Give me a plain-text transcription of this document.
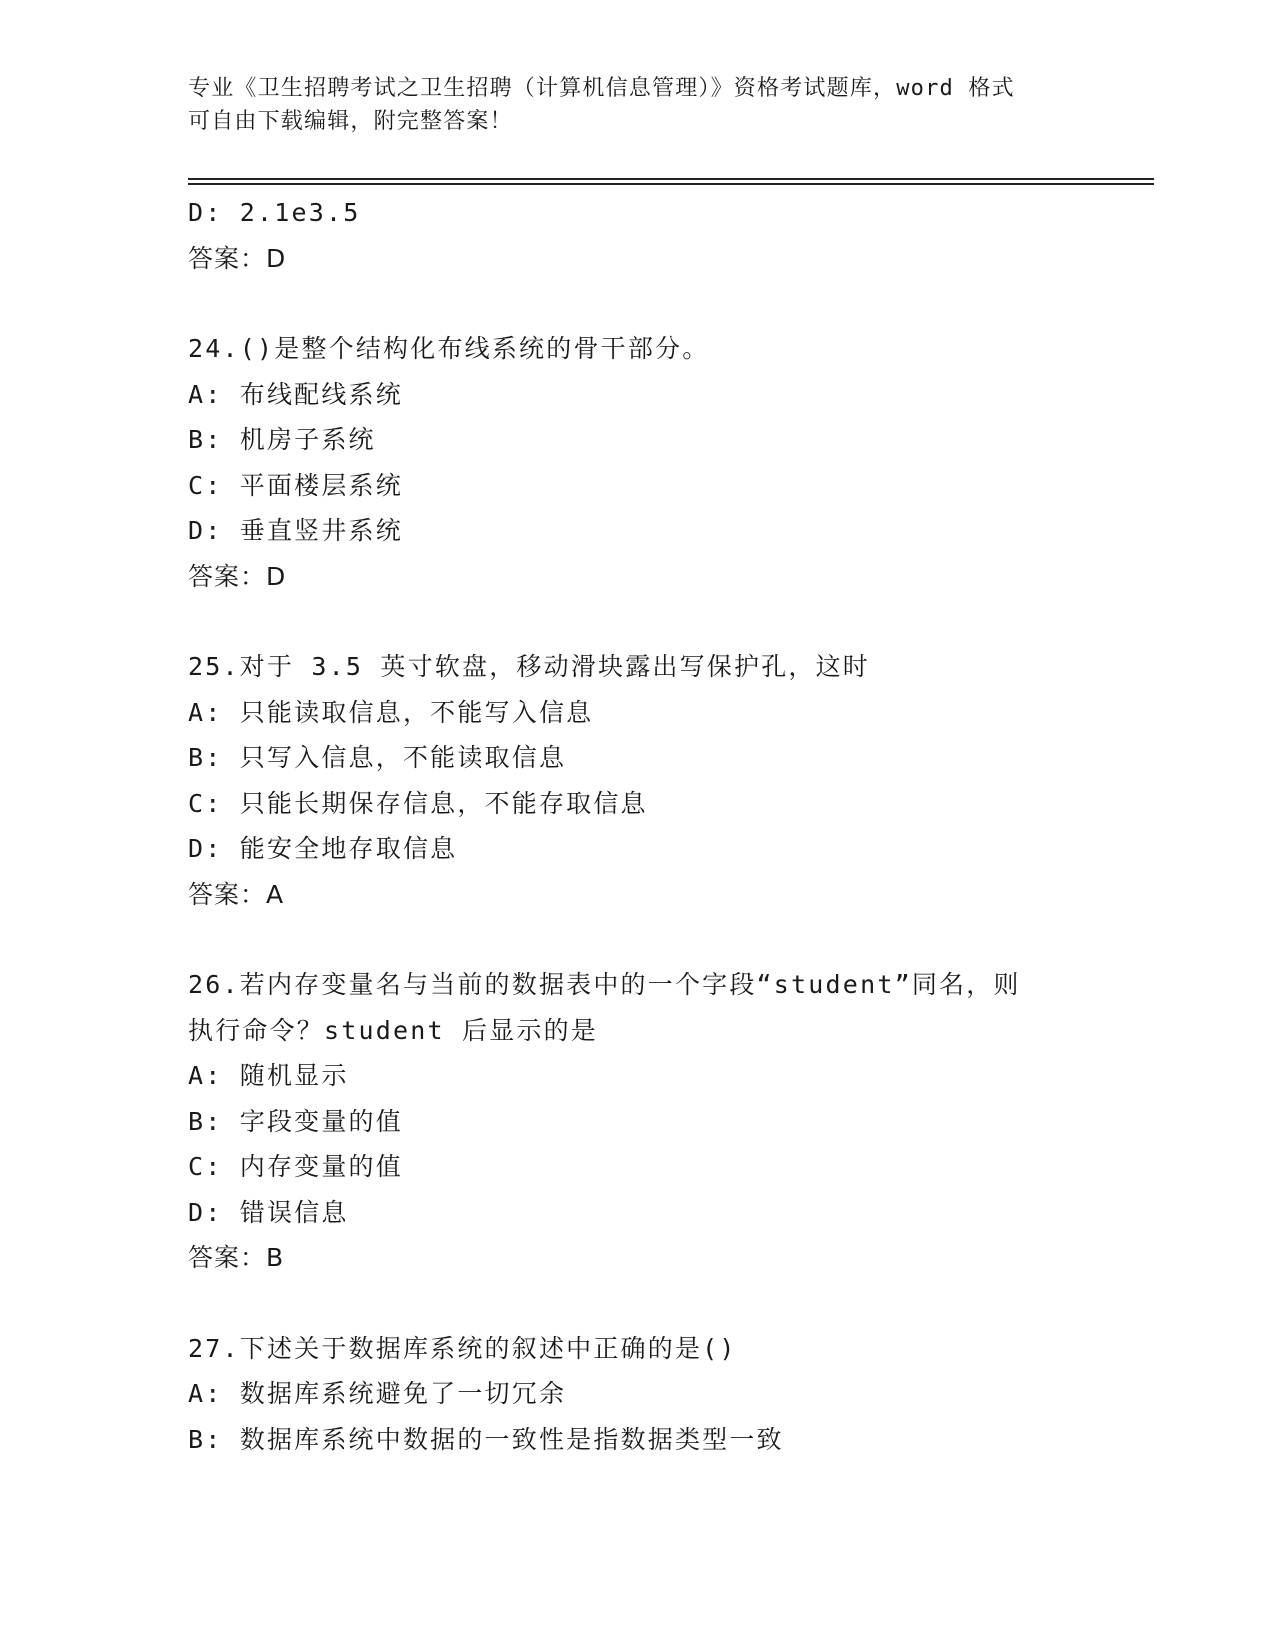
专业《卫生招聘考试之卫生招聘（计算机信息管理）》资格考试题库，word 格式
可自由下载编辑，附完整答案！
D: 2.1e3.5
答案：D
24.()是整个结构化布线系统的骨干部分。
A: 布线配线系统
B: 机房子系统
C: 平面楼层系统
D: 垂直竖井系统
答案：D
25.对于 3.5 英寸软盘，移动滑块露出写保护孔，这时
A: 只能读取信息，不能写入信息
B: 只写入信息，不能读取信息
C: 只能长期保存信息，不能存取信息
D: 能安全地存取信息
答案：A
26.若内存变量名与当前的数据表中的一个字段“student”同名，则
执行命令？student 后显示的是
A: 随机显示
B: 字段变量的值
C: 内存变量的值
D: 错误信息
答案：B
27.下述关于数据库系统的叙述中正确的是()
A: 数据库系统避免了一切冗余
B: 数据库系统中数据的一致性是指数据类型一致
